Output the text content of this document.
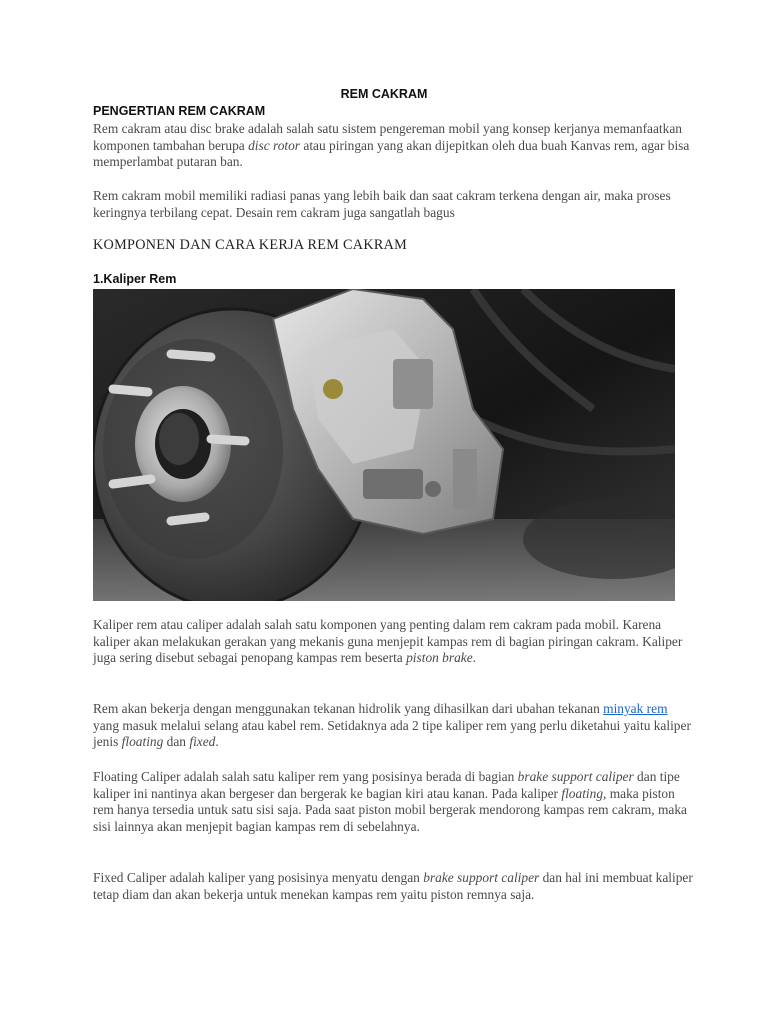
REM CAKRAM
PENGERTIAN REM CAKRAM

Rem cakram atau disc brake adalah salah satu sistem pengereman mobil yang konsep kerjanya memanfaatkan komponen tambahan berupa disc rotor atau piringan yang akan dijepitkan oleh dua buah Kanvas rem, agar bisa memperlambat putaran ban.

Rem cakram mobil memiliki radiasi panas yang lebih baik dan saat cakram terkena dengan air, maka proses keringnya terbilang cepat. Desain rem cakram juga sangatlah bagus

KOMPONEN DAN CARA KERJA REM CAKRAM
1.Kaliper Rem

Kaliper rem atau caliper adalah salah satu komponen yang penting dalam rem cakram pada mobil. Karena kaliper akan melakukan gerakan yang mekanis guna menjepit kampas rem di bagian piringan cakram. Kaliper juga sering disebut sebagai penopang kampas rem beserta piston brake.

Rem akan bekerja dengan menggunakan tekanan hidrolik yang dihasilkan dari ubahan tekanan minyak rem yang masuk melalui selang atau kabel rem. Setidaknya ada 2 tipe kaliper rem yang perlu diketahui yaitu kaliper jenis floating dan fixed.

Floating Caliper adalah salah satu kaliper rem yang posisinya berada di bagian brake support caliper dan tipe kaliper ini nantinya akan bergeser dan bergerak ke bagian kiri atau kanan. Pada kaliper floating, maka piston rem hanya tersedia untuk satu sisi saja. Pada saat piston mobil bergerak mendorong kampas rem cakram, maka sisi lainnya akan menjepit bagian kampas rem di sebelahnya.

Fixed Caliper adalah kaliper yang posisinya menyatu dengan brake support caliper dan hal ini membuat kaliper tetap diam dan akan bekerja untuk menekan kampas rem yaitu piston remnya saja.
